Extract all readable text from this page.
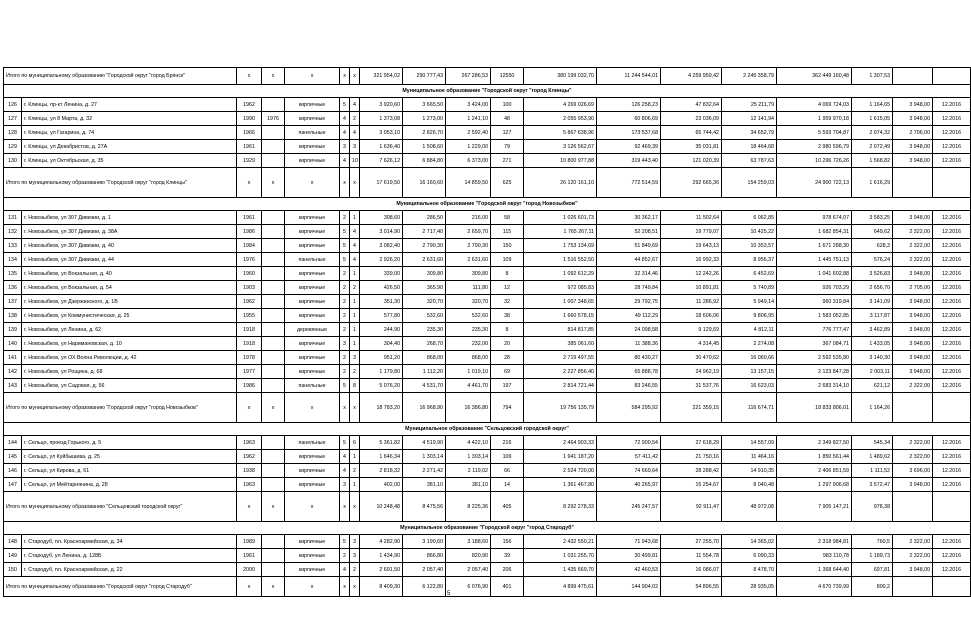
Итого по муниципальному образованию "Городской округ "город Брянск"		x	x	x	x	x	321 954,02	290 777,43	267 286,53	12550	380 199 032,70	11 244 544,01	4 259 959,42	2 245 358,79	362 449 160,48	1 307,53			
Муниципальное образование "Городской округ "город Клинцы"																			
126	г. Клинцы, пр-кт Ленина, д. 27	1962		кирпичные	5	4	3 920,60	3 665,50	3 424,00	100	4 269 026,69	126 258,23	47 832,64	25 211,79	4 069 724,03	1 164,65	3 948,00	12.2016	
127	г. Клинцы, ул 8 Марта, д. 32	1990	1976	кирпичные	4	2	1 373,08	1 273,00	1 241,10	48	2 055 953,90	60 806,69	23 036,09	12 141,94	1 959 970,18	1 615,05	3 948,00	12.2016	
128	г. Клинцы, ул Гагарина, д. 74	1966		панельные	4	4	3 053,10	2 826,70	2 592,40	127	5 867 638,96	173 537,68	65 744,42	34 652,79	5 593 704,87	2 074,32	2 706,00	12.2016	
129	г. Клинцы, ул Декабристов, д. 27А	1961		кирпичные	3	3	1 636,40	1 508,60	1 229,00	79	3 126 562,67	92 469,39	35 031,81	18 464,68	2 980 596,79	2 072,49	3 948,00	12.2016	
130	г. Клинцы, ул Октябрьская, д. 35	1929		кирпичные	4	10	7 626,12	6 884,80	6 373,00	271	10 800 977,88	319 443,40	121 020,39	63 787,63	10 296 726,26	1 568,82	3 948,00	12.2016	
Итого по муниципальному образованию "Городской округ "город Клинцы"		x	x	x	x	x	17 619,50	16 160,60	14 859,50	625	26 120 161,10	772 514,59	292 665,36	154 259,03	24 900 722,13	1 616,29			
Муниципальное образование "Городской округ "город Новозыбков"																			
131	г. Новозыбков, ул 307 Дивизии, д. 1	1961		кирпичные	2	1	308,60	286,50	216,00	58	1 026 601,73	30 362,17	11 502,64	6 062,85	978 674,07	3 583,25	3 948,00	12.2016	
132	г. Новозыбков, ул 307 Дивизии, д. 38А	1986		кирпичные	5	4	3 014,90	2 717,40	2 659,70	115	1 765 267,11	52 208,51	19 779,07	10 425,22	1 682 854,31	649,62	2 322,00	12.2016	
133	г. Новозыбков, ул 307 Дивизии, д. 40	1984		кирпичные	5	4	3 082,40	2 790,30	2 790,30	150	1 753 134,69	51 849,69	19 643,13	10 353,57	1 671 288,30	628,3	2 322,00	12.2016	
134	г. Новозыбков, ул 307 Дивизии, д. 44	1976		панельные	5	4	2 926,20	2 631,60	2 631,60	109	1 516 552,50	44 852,67	16 992,33	8 956,37	1 445 751,13	576,24	2 322,00	12.2016	
135	г. Новозыбков, ул Вокзальная, д. 40	1960		кирпичные	2	1	339,00	309,80	309,80	8	1 092 612,29	32 314,46	12 242,26	6 452,69	1 041 602,88	3 526,83	3 948,00	12.2016	
136	г. Новозыбков, ул Вокзальная, д. 54	1903		кирпичные	2	2	426,50	365,90	111,80	12	972 085,83	28 749,84	10 891,81	5 740,89	926 703,29	2 656,70	2 705,00	12.2016	
137	г. Новозыбков, ул Дзержинского, д. 1В	1962		кирпичные	2	1	351,30	320,70	320,70	32	1 007 348,65	29 792,75	11 286,92	5 949,14	960 319,84	3 141,09	3 948,00	12.2016	
138	г. Новозыбков, ул Коммунистическая, д. 25	1955		кирпичные	2	1	577,80	532,60	532,60	38	1 660 578,15	49 112,29	18 606,06	9 806,95	1 583 052,85	3 117,87	3 948,00	12.2016	
139	г. Новозыбков, ул Ленина, д. 62	1918		деревянные	2	1	244,90	235,30	235,30	8	814 817,85	24 098,58	9 129,69	4 812,11	776 777,47	3 462,89	3 948,00	12.2016	
140	г. Новозыбков, ул Наримановская, д. 10	1918		кирпичные	3	1	304,40	268,70	232,00	20	385 061,60	11 388,36	4 314,45	2 274,08	367 084,71	1 433,05	3 948,00	12.2016	
141	г. Новозыбков, ул ОХ Волна Революции, д. 42	1978		кирпичные	2	3	951,20	868,00	868,00	28	2 719 497,55	80 430,27	30 470,62	16 060,66	2 592 535,80	3 140,30	3 948,00	12.2016	
142	г. Новозыбков, ул Рощина, д. 68	1977		кирпичные	2	2	1 179,80	1 112,20	1 019,10	69	2 227 856,40	65 888,78	24 962,19	13 157,15	2 123 847,28	2 003,11	3 948,00	12.2016	
143	г. Новозыбков, ул Садовая, д. 56	1986		панельные	5	8	5 076,20	4 531,70	4 461,70	197	2 814 721,44	83 246,55	31 537,76	16 623,03	2 683 314,10	621,12	2 322,00	12.2016	
Итого по муниципальному образованию "Городской округ "город Новозыбков"		x	x	x	x	x	18 783,20	16 968,90	16 386,80	794	19 756 135,79	584 295,92	221 359,15	116 674,71	18 833 806,01	1 164,26			
Муниципальное образование "Сельцовский городской округ"																			
144	г. Сельцо, проезд Горького, д. 5	1963		панельные	5	6	5 361,82	4 519,90	4 422,10	216	2 464 903,33	72 900,54	27 618,29	14 557,09	2 349 827,50	545,34	2 322,00	12.2016	
145	г. Сельцо, ул Куйбышева, д. 25	1962		кирпичные	4	1	1 646,34	1 303,14	1 303,14	109	1 941 187,20	57 411,42	21 750,16	11 464,16	1 850 561,44	1 489,62	2 322,00	12.2016	
146	г. Сельцо, ул Кирова, д. 61	1938		кирпичные	4	2	2 818,32	2 271,42	2 119,02	66	2 524 720,00	74 669,64	28 288,42	14 910,35	2 406 851,59	1 111,52	3 696,00	12.2016	
147	г. Сельцо, ул Мейтарнянина, д. 28	1963		кирпичные	3	1	402,00	381,10	381,10	14	1 361 467,80	40 265,97	15 254,67	8 040,48	1 297 906,68	3 572,47	3 948,00	12.2016	
Итого по муниципальному образованию "Сельцовский городской округ"		x	x	x	x	x	10 248,48	8 475,56	8 225,36	405	8 292 278,33	245 247,57	92 911,47	48 972,08	7 905 147,21	978,38			
Муниципальное образование "Городской округ "город Стародуб"																			
148	г. Стародуб, пл. Красноармейская, д. 34	1989		кирпичные	5	3	4 282,90	3 190,60	3 188,60	156	2 432 550,21	71 943,68	27 255,70	14 365,02	2 318 984,81	760,5	2 322,00	12.2016	
149	г. Стародуб, ул Ленина, д. 128Б	1961		кирпичные	2	3	1 434,90	866,80	820,90	39	1 031 255,70	30 499,81	11 554,78	6 090,33	983 110,78	1 189,73	2 322,00	12.2016	
150	г. Стародуб, пл. Красноармейская, д. 22	2000		кирпичные	4	2	2 691,50	2 057,40	2 057,40	206	1 435 669,70	42 460,53	16 086,07	8 478,70	1 368 644,40	697,81	3 948,00	12.2016	
Итого по муниципальному образованию "Городской округ "город Стародуб"		x	x	x	x	x	8 409,30	6 122,80	6 076,90	401	4 899 475,61	144 904,02	54 896,55	28 935,05	4 670 739,99	800,2			
5
